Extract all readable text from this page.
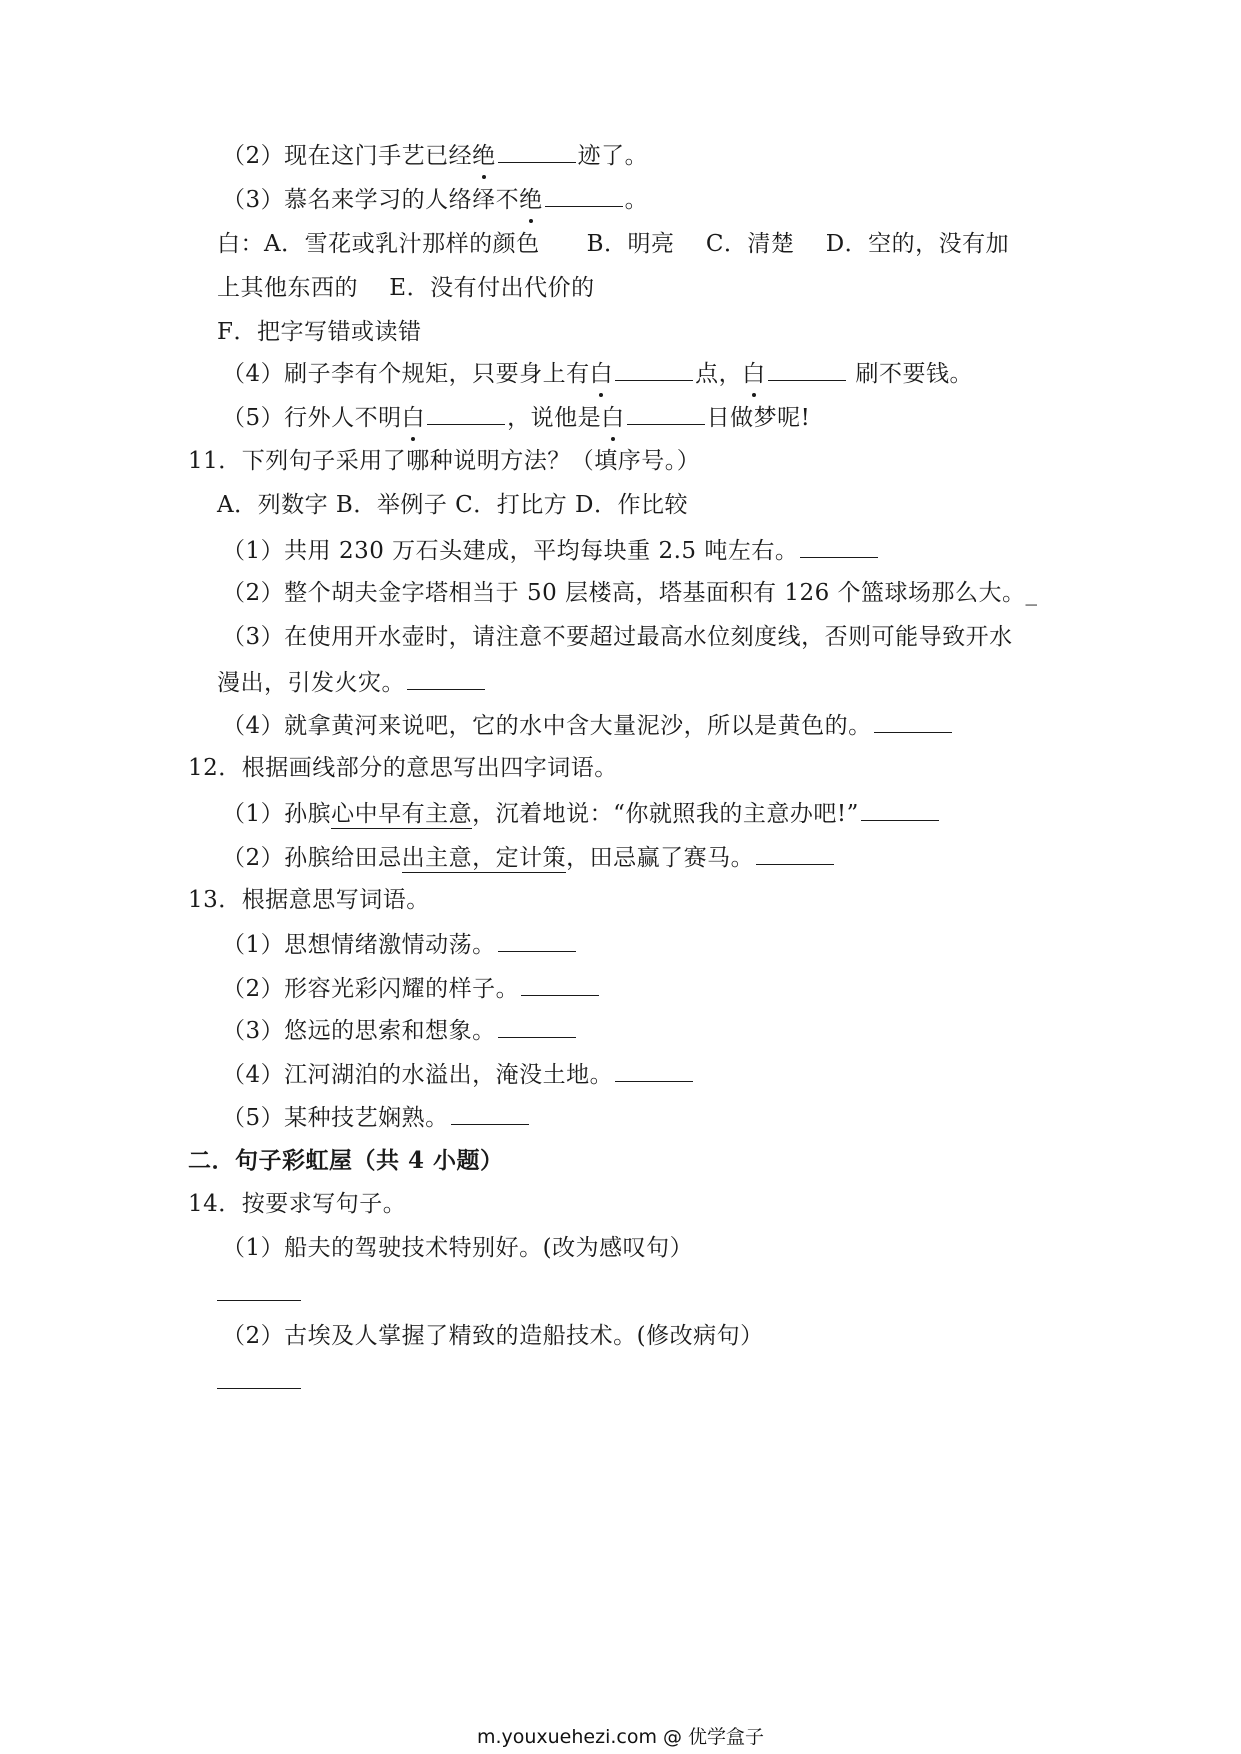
（2）现在这门手艺已经绝	迹了。
（3）慕名来学习的人络绎不绝	。
白：A．雪花或乳汁那样的颜色　　B．明亮　 C．清楚　 D．空的，没有加
上其他东西的　 E．没有付出代价的
F．把字写错或读错
（4）刷子李有个规矩，只要身上有白	点，白	刷不要钱。
（5）行外人不明白	，说他是白	日做梦呢!
11．下列句子采用了哪种说明方法？（填序号。）
A．列数字 B．举例子 C．打比方 D．作比较
（1）共用 230 万石头建成，平均每块重 2.5 吨左右。
（2）整个胡夫金字塔相当于 50 层楼高，塔基面积有 126 个篮球场那么大。_
（3）在使用开水壶时，请注意不要超过最高水位刻度线，否则可能导致开水
漫出，引发火灾。
（4）就拿黄河来说吧，它的水中含大量泥沙，所以是黄色的。
12．根据画线部分的意思写出四字词语。
（1）孙膑心中早有主意，沉着地说：“你就照我的主意办吧!”
（2）孙膑给田忌出主意，定计策，田忌赢了赛马。
13．根据意思写词语。
（1）思想情绪激情动荡。
（2）形容光彩闪耀的样子。
（3）悠远的思索和想象。
（4）江河湖泊的水溢出，淹没土地。
（5）某种技艺娴熟。
二．句子彩虹屋（共 4 小题）
14．按要求写句子。
（1）船夫的驾驶技术特别好。(改为感叹句）
（2）古埃及人掌握了精致的造船技术。(修改病句）
m.youxuehezi.com @ 优学盒子
